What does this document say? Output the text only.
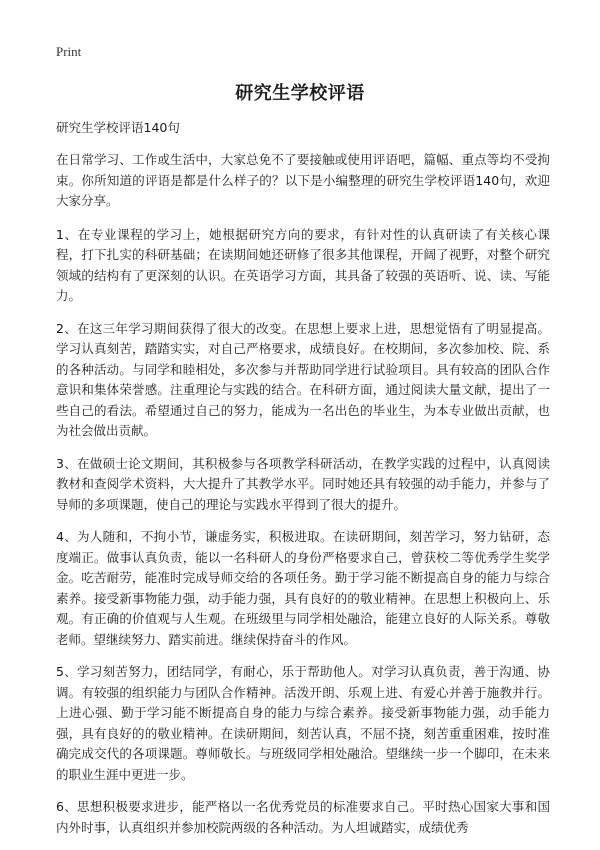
Print
研究生学校评语

研究生学校评语140句

在日常学习、工作或生活中，大家总免不了要接触或使用评语吧，篇幅、重点等均不受拘束。你所知道的评语是都是什么样子的？以下是小编整理的研究生学校评语140句，欢迎大家分享。

1、在专业课程的学习上，她根据研究方向的要求，有针对性的认真研读了有关核心课程，打下扎实的科研基础；在读期间她还研修了很多其他课程，开阔了视野，对整个研究领域的结构有了更深刻的认识。在英语学习方面，其具备了较强的英语听、说、读、写能力。

2、在这三年学习期间获得了很大的改变。在思想上要求上进，思想觉悟有了明显提高。学习认真刻苦，踏踏实实，对自己严格要求，成绩良好。在校期间，多次参加校、院、系的各种活动。与同学和睦相处，多次参与并帮助同学进行试验项目。具有较高的团队合作意识和集体荣誉感。注重理论与实践的结合。在科研方面，通过阅读大量文献，提出了一些自己的看法。希望通过自己的努力，能成为一名出色的毕业生，为本专业做出贡献，也为社会做出贡献。

3、在做硕士论文期间，其积极参与各项教学科研活动，在教学实践的过程中，认真阅读教材和查阅学术资料，大大提升了其教学水平。同时她还具有较强的动手能力，并参与了导师的多项课题，使自己的理论与实践水平得到了很大的提升。

4、为人随和，不拘小节，谦虚务实，积极进取。在读研期间，刻苦学习，努力钻研，态度端正。做事认真负责，能以一名科研人的身份严格要求自己，曾获校二等优秀学生奖学金。吃苦耐劳，能准时完成导师交给的各项任务。勤于学习能不断提高自身的能力与综合素养。接受新事物能力强，动手能力强，具有良好的的敬业精神。在思想上积极向上、乐观。有正确的价值观与人生观。在班级里与同学相处融洽，能建立良好的人际关系。尊敬老师。望继续努力、踏实前进。继续保持奋斗的作风。

5、学习刻苦努力，团结同学，有耐心，乐于帮助他人。对学习认真负责，善于沟通、协调。有较强的组织能力与团队合作精神。活泼开朗、乐观上进、有爱心并善于施教并行。上进心强、勤于学习能不断提高自身的能力与综合素养。接受新事物能力强，动手能力强，具有良好的的敬业精神。在读研期间，刻苦认真，不屈不挠，刻苦重重困难，按时准确完成交代的各项课题。尊师敬长。与班级同学相处融洽。望继续一步一个脚印，在未来的职业生涯中更进一步。

6、思想积极要求进步，能严格以一名优秀党员的标准要求自己。平时热心国家大事和国内外时事，认真组织并参加校院两级的各种活动。为人坦诚踏实，成绩优秀
